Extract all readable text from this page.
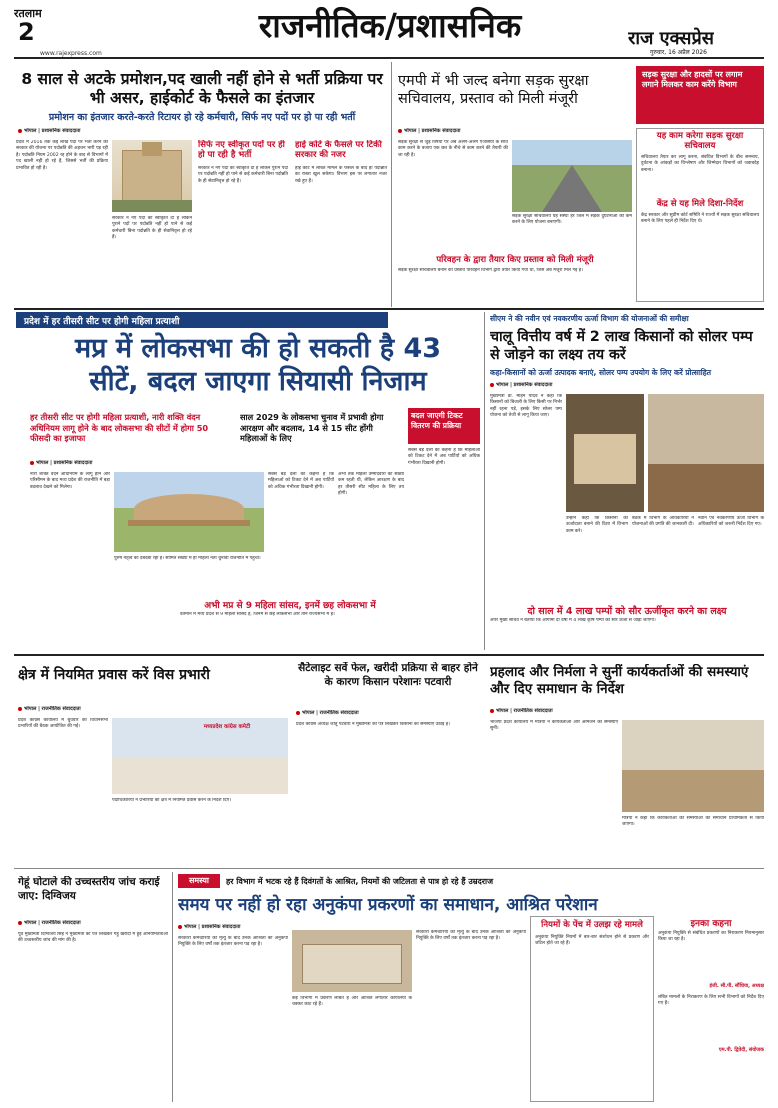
रतलाम
2	राजनीतिक/प्रशासनिक	राज एक्सप्रेस
गुरुवार, 16 अप्रैल 2026
www.rajexpress.com
8 साल से अटके प्रमोशन,पद खाली नहीं होने से भर्ती प्रक्रिया पर भी असर, हाईकोर्ट के फैसले का इंतजार
प्रमोशन का इंतजार करते-करते रिटायर हो रहे कर्मचारी, सिर्फ नए पदों पर हो पा रही भर्ती
भोपाल | प्रशासनिक संवाददाता
प्रदेश में 2016 तक कई लाख पदों पर भर्ती करने की सरकार की योजना पर पदोन्नति की अड़चन भारी पड़ रही है। पदोन्नति नियम 2002 रद्द होने के बाद से विभागों में पद खाली नहीं हो रहे हैं, जिससे भर्ती की प्रक्रिया प्रभावित हो रही है।
सरकार ने नए पदों की स्वीकृति दी है लेकिन पुराने पदों पर पदोन्नति नहीं हो पाने से कई कर्मचारी बिना पदोन्नति के ही सेवानिवृत्त हो रहे हैं।
सिर्फ नए स्वीकृत पदों पर ही हो पा रही है भर्ती
सरकार ने नए पदों की स्वीकृति दी है लेकिन पुराने पदों पर पदोन्नति नहीं हो पाने से कई कर्मचारी बिना पदोन्नति के ही सेवानिवृत्त हो रहे हैं।
हाई कोर्ट के फैसले पर टिकी सरकार की नजर
हाई कोर्ट में लंबित मामले के फैसले के बाद ही पदोन्नति का रास्ता खुल सकेगा। विभाग इस पर लगातार नजर रखे हुए हैं।
एमपी में भी जल्द बनेगा सड़क सुरक्षा सचिवालय, प्रस्ताव को मिली मंजूरी
सड़क सुरक्षा और हादसों पर लगाम लगाने मिलकर काम करेंगे विभाग
भोपाल | प्रशासनिक संवाददाता
सड़क सुरक्षा से जुड़े विषयों पर अब अलग-अलग एजेंसियों के साथ काम करने के बजाय एक छत के नीचे से काम करने की तैयारी की जा रही है।
सड़क सुरक्षा सचिवालय यह संस्था हर जिले में सड़क दुर्घटनाओं को कम करने के लिए योजना बनाएगी।
यह काम करेगा सड़क सुरक्षा सचिवालय
सचिवालय तैयार कर लागू करना, संबंधित विभागों के बीच समन्वय, दुर्घटना के आंकड़ों का विश्लेषण और जिम्मेदार विभागों को जवाबदेह बनाना।
केंद्र से यह मिले दिशा-निर्देश
केंद्र सरकार और सुप्रीम कोर्ट समिति ने राज्यों में सड़क सुरक्षा सचिवालय बनाने के लिए पहले ही निर्देश दिए थे।
परिवहन के द्वारा तैयार किए प्रस्ताव को मिली मंजूरी
सड़क सुरक्षा सचिवालय बनाने का प्रस्ताव परिवहन विभाग द्वारा तैयार किया गया था, जिसे अब मंजूरी मिल गई है।
प्रदेश में हर तीसरी सीट पर होगी महिला प्रत्याशी
मप्र में लोकसभा की हो सकती है 43 सीटें, बदल जाएगा सियासी निजाम
हर तीसरी सीट पर होगी महिला प्रत्याशी, नारी शक्ति वंदन अधिनियम लागू होने के बाद लोकसभा की सीटों में होगा 50 फीसदी का इजाफा
साल 2029 के लोकसभा चुनाव में प्रभावी होगा आरक्षण और बदलाव, 14 से 15 सीट होंगी महिलाओं के लिए
बदल जाएगी टिकट वितरण की प्रक्रिया
भोपाल | प्रशासनिक संवाददाता
नारी शक्ति वंदन अधिनियम के लागू होने और परिसीमन के बाद मध्य प्रदेश की राजनीति में बड़ा बदलाव देखने को मिलेगा।
पुरुष नेतृत्व का दबदबा रहा है। सीमित संख्या में ही महिला नेता चुनावी राजनीति में पहुंचीं।
सबसे बड़े दलों का कहना है कि महिलाओं को टिकट देने में अब पार्टियों को अधिक गंभीरता दिखानी होगी।
अभी तक महिला उम्मीदवारों की संख्या कम रहती थी, लेकिन आरक्षण के बाद हर तीसरी सीट महिला के लिए तय होगी।
सबसे बड़े दलों का कहना है कि महिलाओं को टिकट देने में अब पार्टियों को अधिक गंभीरता दिखानी होगी।
अभी मप्र से 9 महिला सांसद, इनमें छह लोकसभा में
वर्तमान में मध्य प्रदेश से 9 महिला सांसद हैं, जिनमें से छह लोकसभा और तीन राज्यसभा में हैं।
सीएम ने की नवीन एवं नवकरणीय ऊर्जा विभाग की योजनाओं की समीक्षा
चालू वित्तीय वर्ष में 2 लाख किसानों को सोलर पम्प से जोड़ने का लक्ष्य तय करें
कहा-किसानों को ऊर्जा उत्पादक बनाएं, सोलर पम्प उपयोग के लिए करें प्रोत्साहित
भोपाल | प्रशासनिक संवाददाता
मुख्यमंत्री डॉ. मोहन यादव ने कहा कि किसानों को बिजली के लिए किसी पर निर्भर नहीं रहना पड़े, इसके लिए सोलर पम्प योजना को तेजी से लागू किया जाए।
उन्होंने कहा कि किसानों को ऊर्जादाता बनाने की दिशा में विभाग काम करे।
बैठक में विभाग के अधिकारियों ने योजनाओं की प्रगति की जानकारी दी।
नवीन एवं नवकरणीय ऊर्जा विभाग के अधिकारियों को जरूरी निर्देश दिए गए।
दो साल में 4 लाख पम्पों को सौर ऊर्जीकृत करने का लक्ष्य
अपर मुख्य सचिव ने बताया कि आगामी दो वर्षों में 4 लाख कृषि पम्पों को सौर ऊर्जा से जोड़ा जाएगा।
क्षेत्र में नियमित प्रवास करें विस प्रभारी
भोपाल | राजनीतिक संवाददाता
प्रदेश कांग्रेस कार्यालय में बुधवार को विधानसभा प्रभारियों की बैठक आयोजित की गई।	मध्यप्रदेश कांग्रेस कमेटी
पदाधिकारियों ने प्रभारियों को क्षेत्र में नियमित प्रवास करने के निर्देश दिए।
सैटेलाइट सर्वे फेल, खरीदी प्रक्रिया से बाहर होने के कारण किसान परेशानः पटवारी
भोपाल | राजनीतिक संवाददाता
प्रदेश कांग्रेस अध्यक्ष जीतू पटवारी ने मुख्यमंत्री को पत्र लिखकर किसानों की समस्याएं उठाई हैं।
प्रहलाद और निर्मला ने सुनीं कार्यकर्ताओं की समस्याएं और दिए समाधान के निर्देश
भोपाल | राजनीतिक संवाददाता
भाजपा प्रदेश कार्यालय में मंत्रियों ने कार्यकर्ताओं और आमजन की समस्याएं सुनीं।
मंत्रियों ने कहा कि कार्यकर्ताओं की समस्याओं का समाधान प्राथमिकता से किया जाएगा।
गेहूं घोटाले की उच्चस्तरीय जांच कराई जाए: दिग्विजय
भोपाल | राजनीतिक संवाददाता
पूर्व मुख्यमंत्री दिग्विजय सिंह ने मुख्यमंत्री को पत्र लिखकर गेहूं खरीदी में हुई अनियमितताओं की उच्चस्तरीय जांच की मांग की है।
समस्या	हर विभाग में भटक रहे हैं दिवंगतों के आश्रित, नियमों की जटिलता से पात्र हो रहे हैं उम्रदराज
समय पर नहीं हो रहा अनुकंपा प्रकरणों का समाधान, आश्रित परेशान
भोपाल | प्रशासनिक संवाददाता
सरकारी कर्मचारियों की मृत्यु के बाद उनके आश्रितों को अनुकंपा नियुक्ति के लिए वर्षों तक इंतजार करना पड़ रहा है।
कई विभागों में प्रकरण लंबित हैं और आश्रित लगातार कार्यालयों के चक्कर काट रहे हैं।
सरकारी कर्मचारियों की मृत्यु के बाद उनके आश्रितों को अनुकंपा नियुक्ति के लिए वर्षों तक इंतजार करना पड़ रहा है।
नियमों के पेंच में उलझ रहे मामले
अनुकंपा नियुक्ति नियमों में बार-बार संशोधन होने से प्रकरण और जटिल होते जा रहे हैं।
इनका कहना
अनुकंपा नियुक्ति से संबंधित प्रकरणों का निराकरण नियमानुसार किया जा रहा है।
इंजी. सी.पी. सौंधिया, अध्यक्ष
लंबित मामलों के निराकरण के लिए सभी विभागों को निर्देश दिए गए हैं।
एम.पी. द्विवेदी, संयोजक
